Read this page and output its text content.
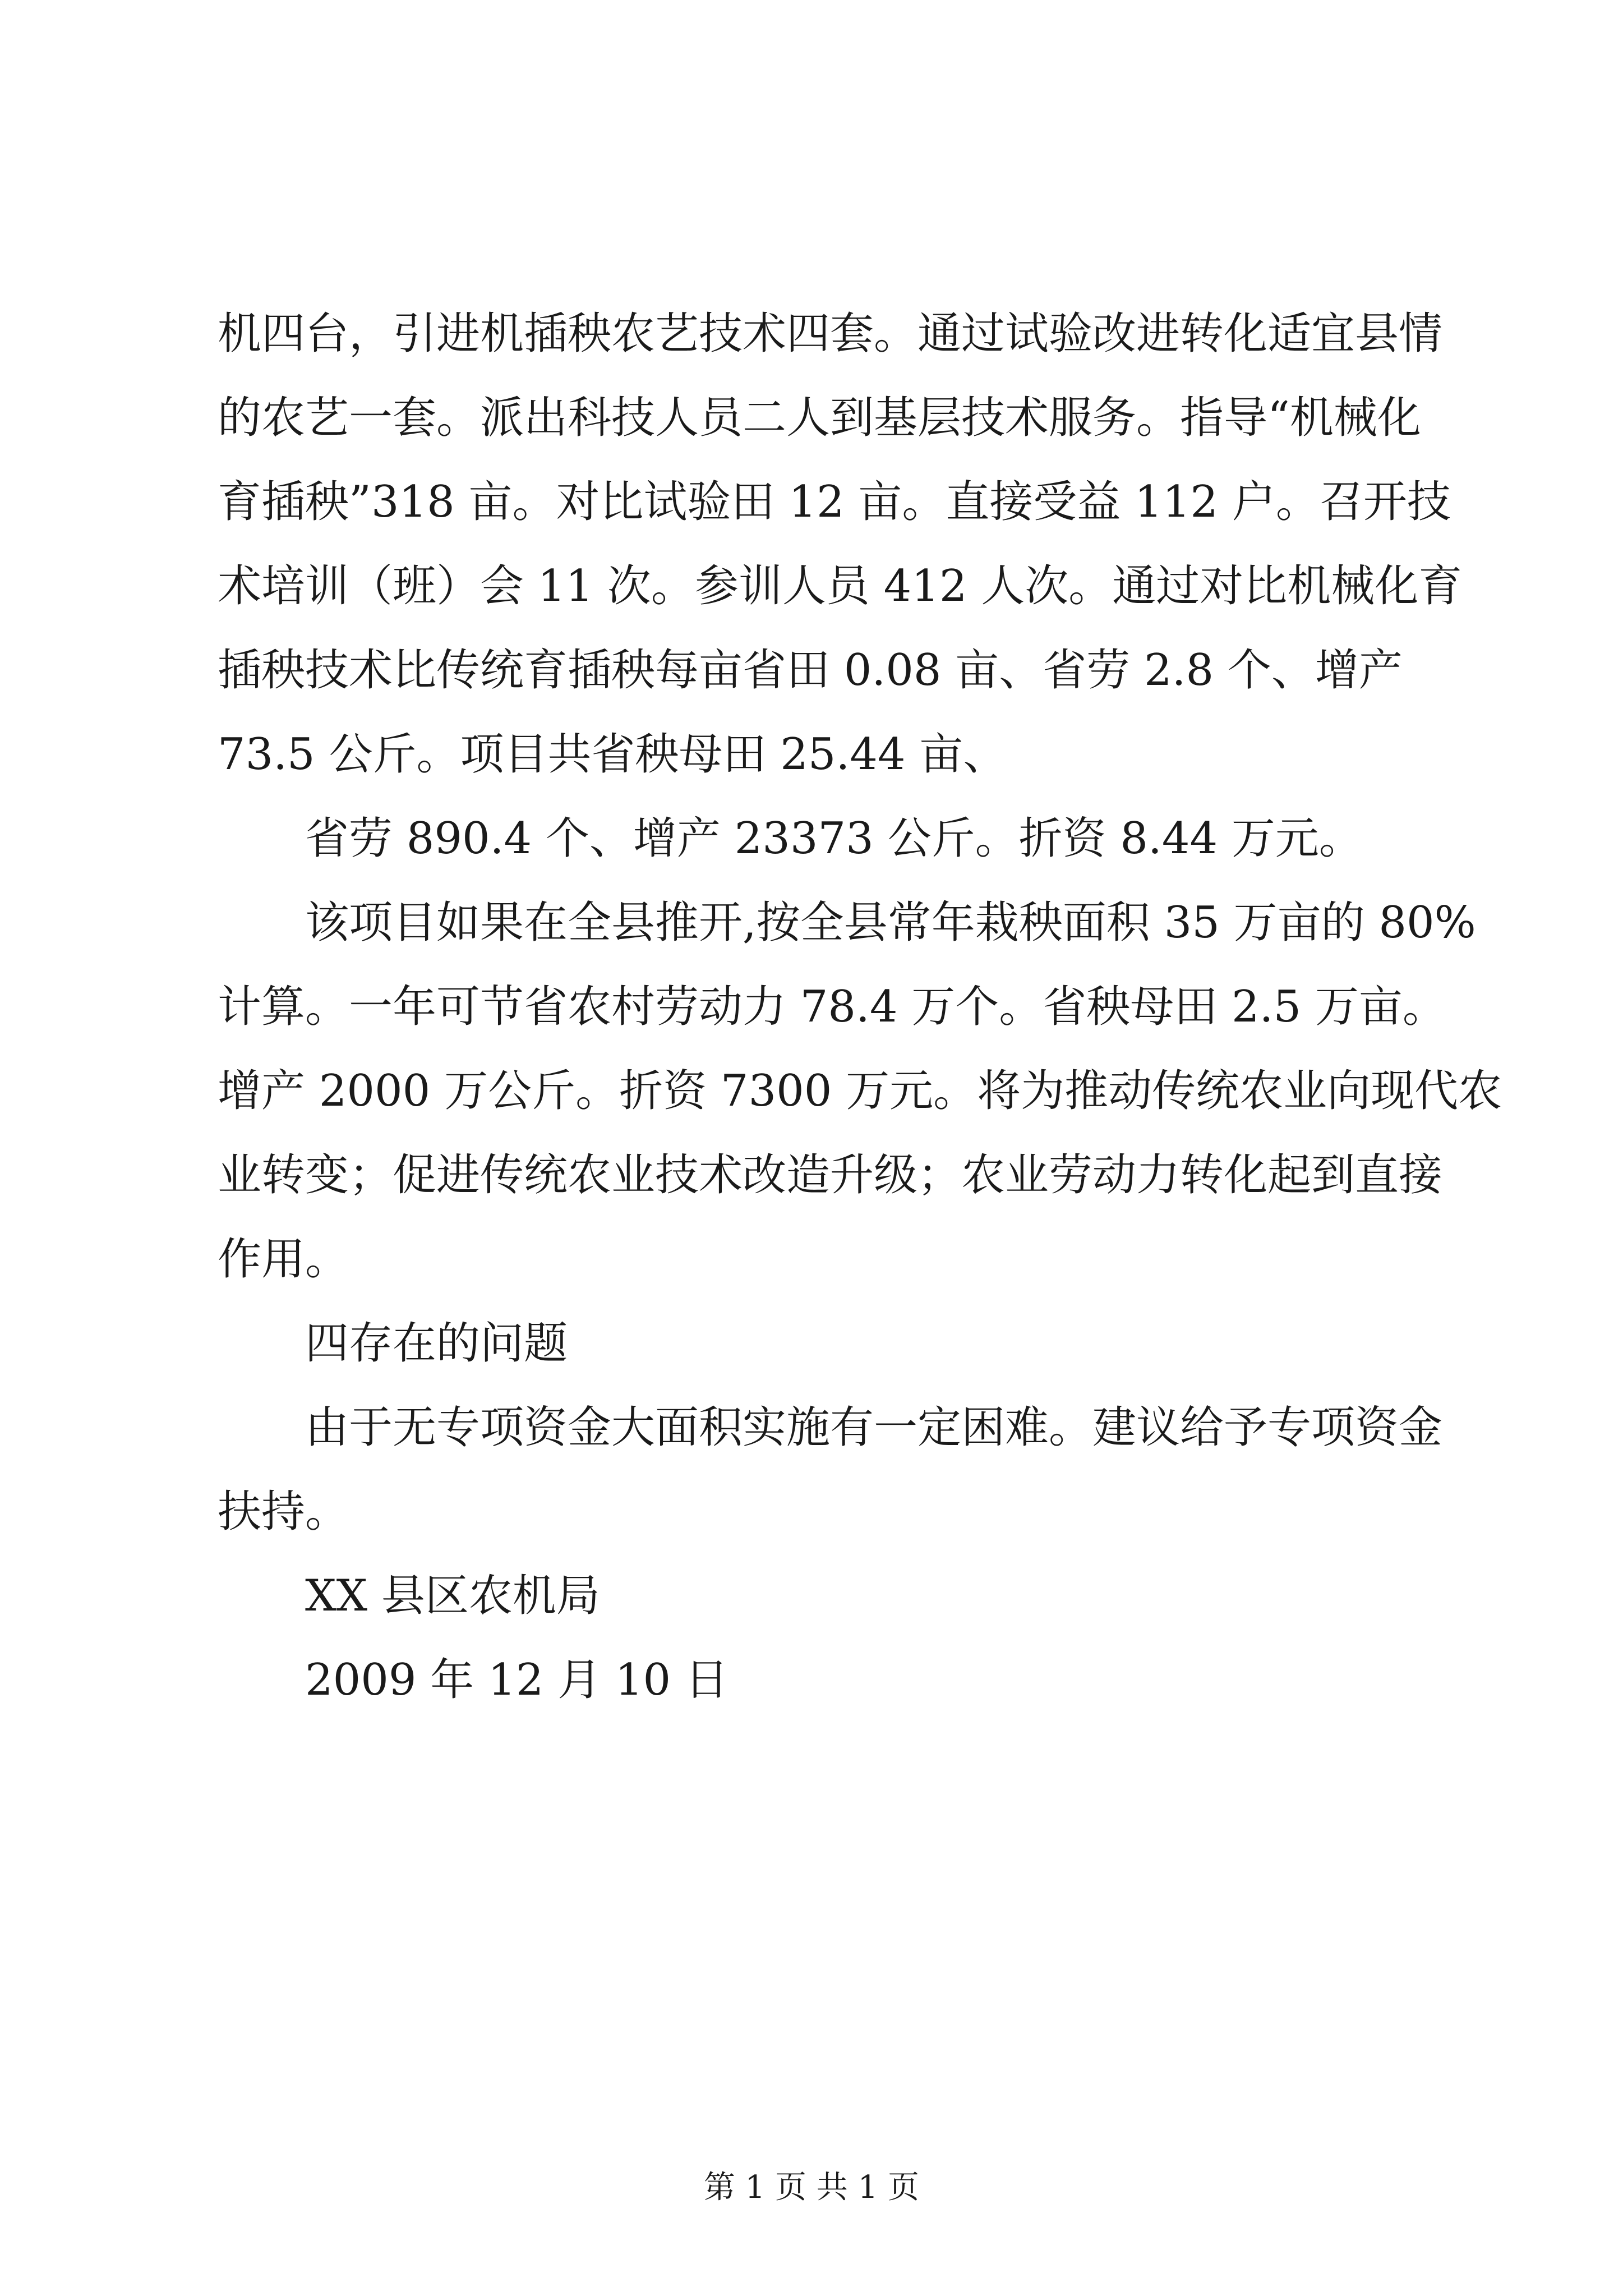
机四台，引进机插秧农艺技术四套。通过试验改进转化适宜县情
的农艺一套。派出科技人员二人到基层技术服务。指导“机械化
育插秧”318 亩。对比试验田 12 亩。直接受益 112 户。召开技
术培训（班）会 11 次。参训人员 412 人次。通过对比机械化育
插秧技术比传统育插秧每亩省田 0.08 亩、省劳 2.8 个、增产
73.5 公斤。项目共省秧母田 25.44 亩、
省劳 890.4 个、增产 23373 公斤。折资 8.44 万元。
该项目如果在全县推开,按全县常年栽秧面积 35 万亩的 80%
计算。一年可节省农村劳动力 78.4 万个。省秧母田 2.5 万亩。
增产 2000 万公斤。折资 7300 万元。将为推动传统农业向现代农
业转变；促进传统农业技术改造升级；农业劳动力转化起到直接
作用。
四存在的问题
由于无专项资金大面积实施有一定困难。建议给予专项资金
扶持。
XX 县区农机局
2009 年 12 月 10 日
第 1 页 共 1 页
